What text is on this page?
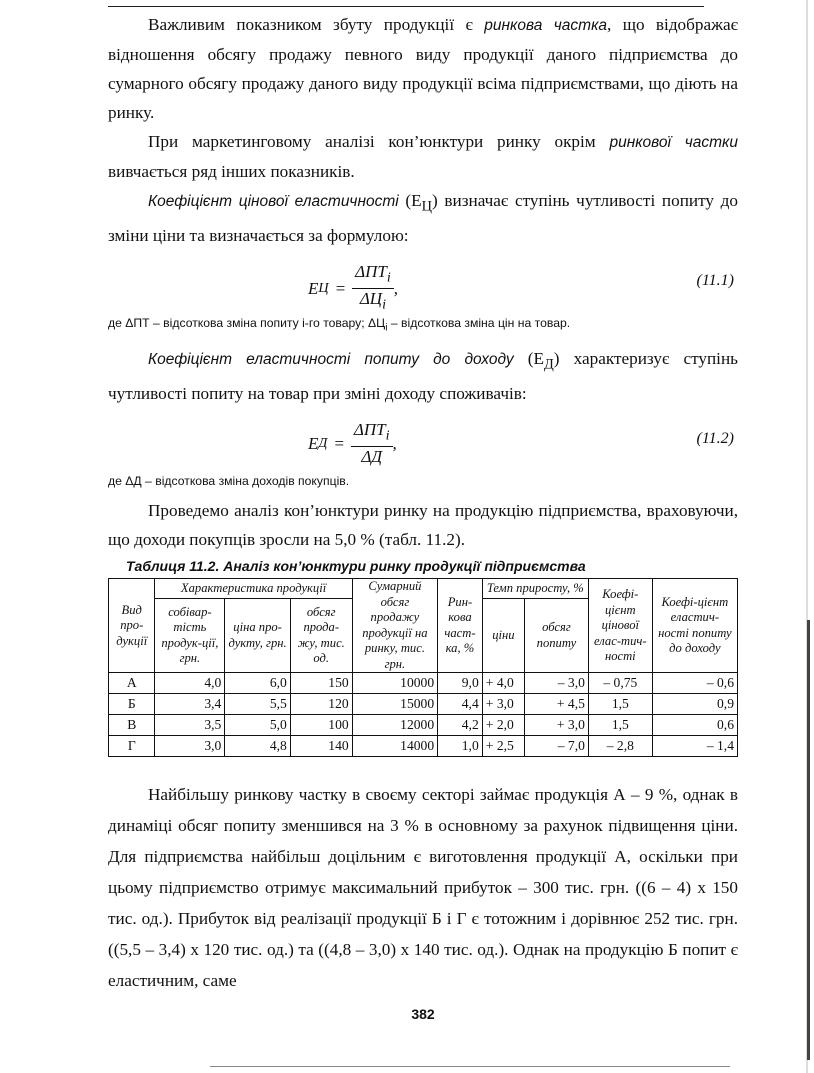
Важливим показником збуту продукції є ринкова частка, що відображає відношення обсягу продажу певного виду продукції даного підприємства до сумарного обсягу продажу даного виду продукції всіма підприємствами, що діють на ринку.

При маркетинговому аналізі кон’юнктури ринку окрім ринкової частки вивчається ряд інших показників.

Коефіцієнт цінової еластичності $(Е_Ц)$ визначає ступінь чутливості попиту до зміни ціни та визначається за формулою:

E $Ц = \frac{\Delta ПТ_і}{\Delta Ц_і}$ ,	(11.1)

де ΔПТ – відсоткова зміна попиту і-го товару; $\Delta Ц_і$ – відсоткова зміна цін на товар.

Коефіцієнт еластичності попиту до доходу $(Е_Д)$ характеризує ступінь чутливості попиту на товар при зміні доходу споживачів:

E $Д = \frac{\Delta ПТ_і}{\Delta Д}$ ,	(11.2)

де ΔД – відсоткова зміна доходів покупців.

Проведемо аналіз кон’юнктури ринку на продукцію підприємства, враховуючи, що доходи покупців зросли на 5,0 % (табл. 11.2).

Таблиця 11.2. Аналіз кон’юнктури ринку продукції підприємства
Вид про-дукції	Характеристика продукції			Сумарний обсяг продажу продукції на ринку, тис. грн.	Рин-кова част-ка, %	Темп приросту, %		Коефі-цієнт цінової елас-тич-ності	Коефі-цієнт еластич-ності попиту до доходу
	собівар-тість продук-ції, грн.	ціна про-дукту, грн.	обсяг прода-жу, тис. од.			ціни	обсяг попиту		
А	4,0	6,0	150	10000	9,0	+ 4,0	– 3,0	– 0,75	– 0,6
Б	3,4	5,5	120	15000	4,4	+ 3,0	+ 4,5	1,5	0,9
В	3,5	5,0	100	12000	4,2	+ 2,0	+ 3,0	1,5	0,6
Г	3,0	4,8	140	14000	1,0	+ 2,5	– 7,0	– 2,8	– 1,4

Найбільшу ринкову частку в своєму секторі займає продукція А – 9 %, однак в динаміці обсяг попиту зменшився на 3 % в основному за рахунок підвищення ціни. Для підприємства найбільш доцільним є виготовлення продукції А, оскільки при цьому підприємство отримує максимальний прибуток – 300 тис. грн. ((6 – 4) х 150 тис. од.). Прибуток від реалізації продукції Б і Г є тотожним і дорівнює 252 тис. грн.((5,5 – 3,4) х 120 тис. од.) та ((4,8 – 3,0) х 140 тис. од.). Однак на продукцію Б попит є еластичним, саме

382
